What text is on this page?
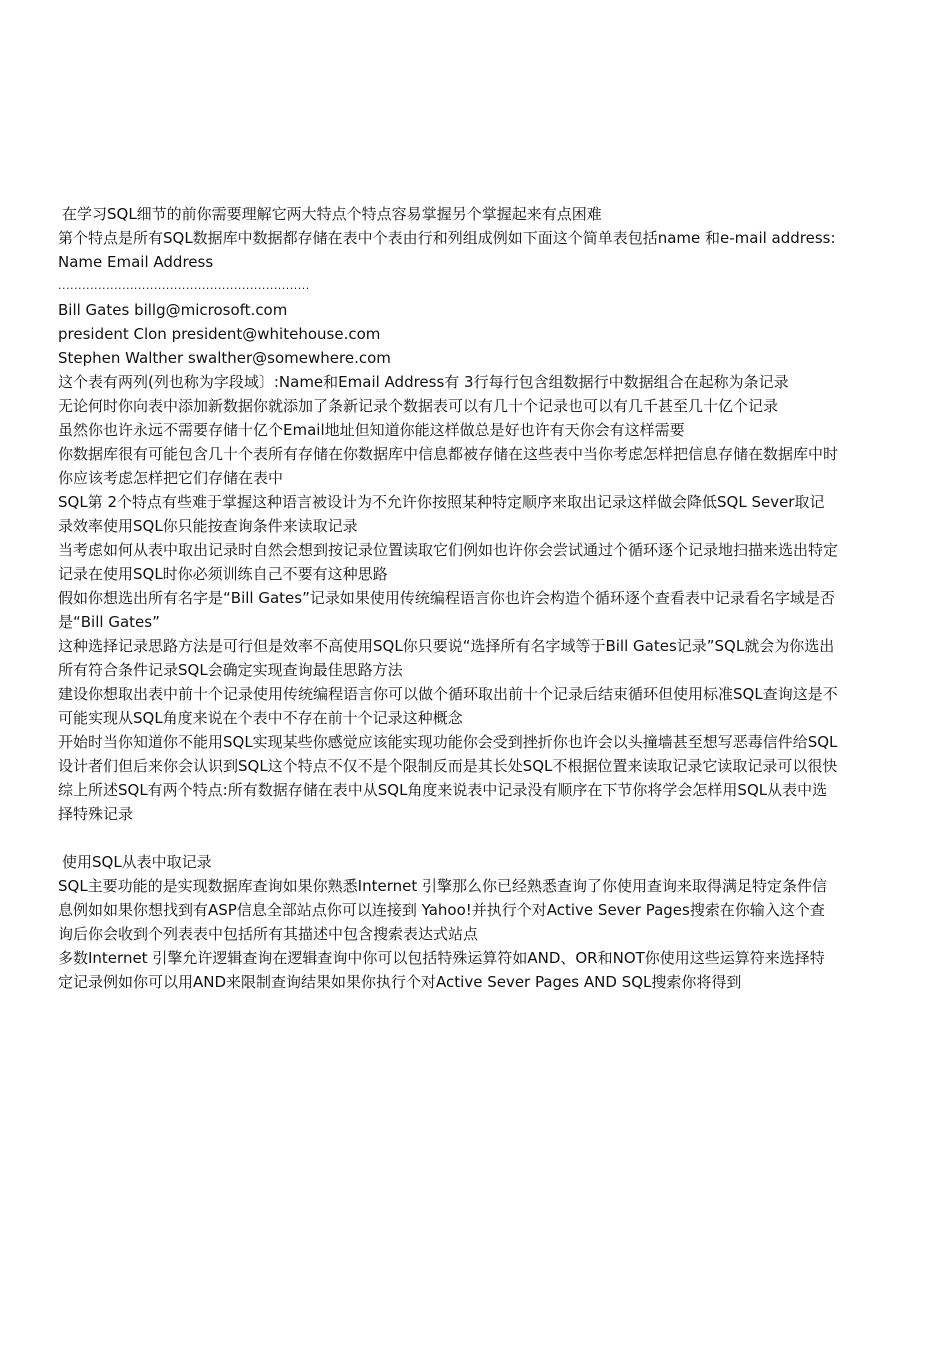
在学习SQL细节的前你需要理解它两大特点个特点容易掌握另个掌握起来有点困难

第个特点是所有SQL数据库中数据都存储在表中个表由行和列组成例如下面这个简单表包括name 和e-mail address:

Name Email Address

...............................................................

Bill Gates billg@microsoft.com

president Clon president@whitehouse.com

Stephen Walther swalther@somewhere.com

这个表有两列(列也称为字段域〕:Name和Email Address有 3行每行包含组数据行中数据组合在起称为条记录

无论何时你向表中添加新数据你就添加了条新记录个数据表可以有几十个记录也可以有几千甚至几十亿个记录

虽然你也许永远不需要存储十亿个Email地址但知道你能这样做总是好也许有天你会有这样需要

你数据库很有可能包含几十个表所有存储在你数据库中信息都被存储在这些表中当你考虑怎样把信息存储在数据库中时你应该考虑怎样把它们存储在表中

SQL第 2个特点有些难于掌握这种语言被设计为不允许你按照某种特定顺序来取出记录这样做会降低SQL Sever取记录效率使用SQL你只能按查询条件来读取记录

当考虑如何从表中取出记录时自然会想到按记录位置读取它们例如也许你会尝试通过个循环逐个记录地扫描来选出特定记录在使用SQL时你必须训练自己不要有这种思路

假如你想选出所有名字是“Bill Gates”记录如果使用传统编程语言你也许会构造个循环逐个查看表中记录看名字域是否是“Bill Gates”

这种选择记录思路方法是可行但是效率不高使用SQL你只要说“选择所有名字域等于Bill Gates记录”SQL就会为你选出所有符合条件记录SQL会确定实现查询最佳思路方法

建设你想取出表中前十个记录使用传统编程语言你可以做个循环取出前十个记录后结束循环但使用标准SQL查询这是不可能实现从SQL角度来说在个表中不存在前十个记录这种概念

开始时当你知道你不能用SQL实现某些你感觉应该能实现功能你会受到挫折你也许会以头撞墙甚至想写恶毒信件给SQL设计者们但后来你会认识到SQL这个特点不仅不是个限制反而是其长处SQL不根据位置来读取记录它读取记录可以很快

综上所述SQL有两个特点:所有数据存储在表中从SQL角度来说表中记录没有顺序在下节你将学会怎样用SQL从表中选择特殊记录

使用SQL从表中取记录

SQL主要功能的是实现数据库查询如果你熟悉Internet 引擎那么你已经熟悉查询了你使用查询来取得满足特定条件信息例如如果你想找到有ASP信息全部站点你可以连接到 Yahoo!并执行个对Active Sever Pages搜索在你输入这个查询后你会收到个列表表中包括所有其描述中包含搜索表达式站点

多数Internet 引擎允许逻辑查询在逻辑查询中你可以包括特殊运算符如AND、OR和NOT你使用这些运算符来选择特定记录例如你可以用AND来限制查询结果如果你执行个对Active Sever Pages AND SQL搜索你将得到
